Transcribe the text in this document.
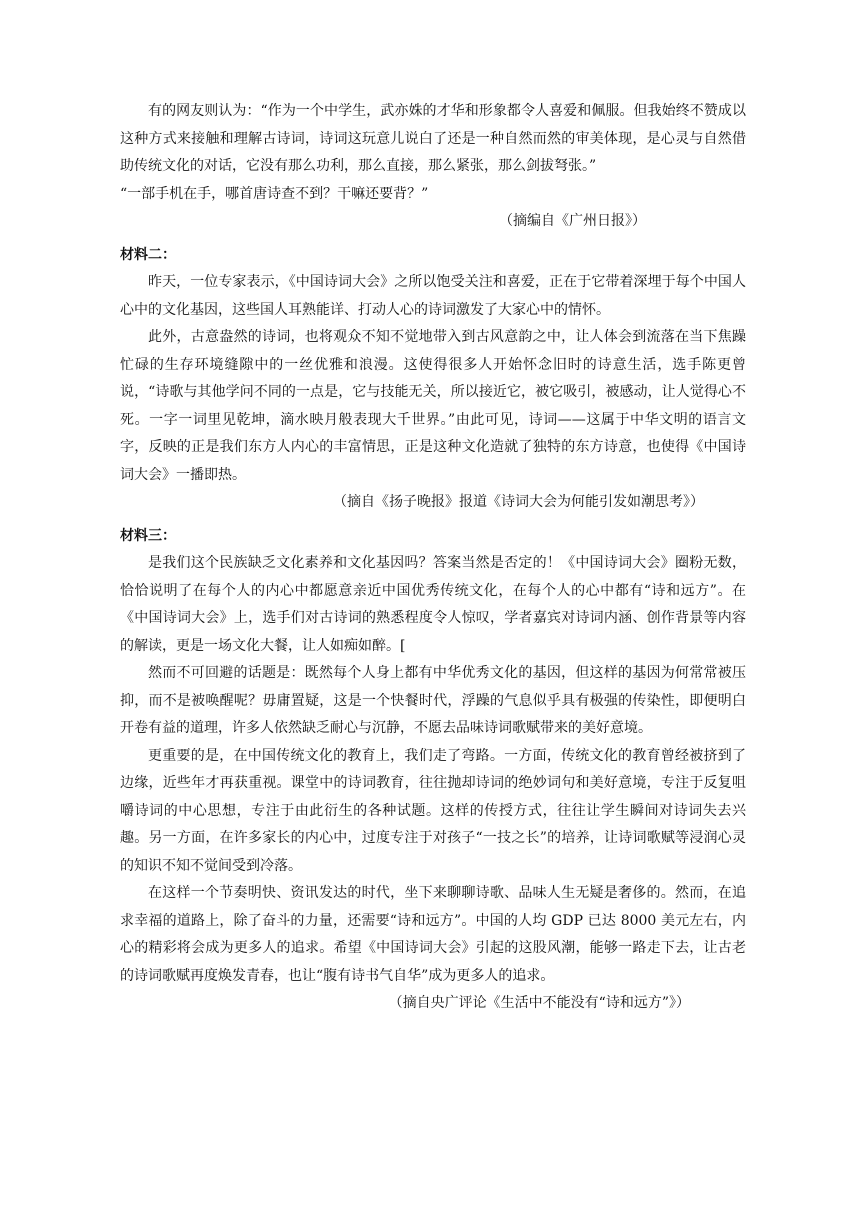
有的网友则认为：“作为一个中学生，武亦姝的才华和形象都令人喜爱和佩服。但我始终不赞成以这种方式来接触和理解古诗词，诗词这玩意儿说白了还是一种自然而然的审美体现，是心灵与自然借助传统文化的对话，它没有那么功利，那么直接，那么紧张，那么剑拔弩张。”

“一部手机在手，哪首唐诗查不到？干嘛还要背？”

（摘编自《广州日报》）

材料二：

昨天，一位专家表示，《中国诗词大会》之所以饱受关注和喜爱，正在于它带着深埋于每个中国人心中的文化基因，这些国人耳熟能详、打动人心的诗词激发了大家心中的情怀。

此外，古意盎然的诗词，也将观众不知不觉地带入到古风意韵之中，让人体会到流落在当下焦躁忙碌的生存环境缝隙中的一丝优雅和浪漫。这使得很多人开始怀念旧时的诗意生活，选手陈更曾说，“诗歌与其他学问不同的一点是，它与技能无关，所以接近它，被它吸引，被感动，让人觉得心不死。一字一词里见乾坤，滴水映月般表现大千世界。”由此可见，诗词——这属于中华文明的语言文字，反映的正是我们东方人内心的丰富情思，正是这种文化造就了独特的东方诗意，也使得《中国诗词大会》一播即热。

（摘自《扬子晚报》报道《诗词大会为何能引发如潮思考》）

材料三：

是我们这个民族缺乏文化素养和文化基因吗？答案当然是否定的！《中国诗词大会》圈粉无数，恰恰说明了在每个人的内心中都愿意亲近中国优秀传统文化，在每个人的心中都有“诗和远方”。在《中国诗词大会》上，选手们对古诗词的熟悉程度令人惊叹，学者嘉宾对诗词内涵、创作背景等内容的解读，更是一场文化大餐，让人如痴如醉。[

然而不可回避的话题是：既然每个人身上都有中华优秀文化的基因，但这样的基因为何常常被压抑，而不是被唤醒呢？毋庸置疑，这是一个快餐时代，浮躁的气息似乎具有极强的传染性，即便明白开卷有益的道理，许多人依然缺乏耐心与沉静，不愿去品味诗词歌赋带来的美好意境。

更重要的是，在中国传统文化的教育上，我们走了弯路。一方面，传统文化的教育曾经被挤到了边缘，近些年才再获重视。课堂中的诗词教育，往往抛却诗词的绝妙词句和美好意境，专注于反复咀嚼诗词的中心思想，专注于由此衍生的各种试题。这样的传授方式，往往让学生瞬间对诗词失去兴趣。另一方面，在许多家长的内心中，过度专注于对孩子“一技之长”的培养，让诗词歌赋等浸润心灵的知识不知不觉间受到冷落。

在这样一个节奏明快、资讯发达的时代，坐下来聊聊诗歌、品味人生无疑是奢侈的。然而，在追求幸福的道路上，除了奋斗的力量，还需要“诗和远方”。中国的人均 GDP 已达 8000 美元左右，内心的精彩将会成为更多人的追求。希望《中国诗词大会》引起的这股风潮，能够一路走下去，让古老的诗词歌赋再度焕发青春，也让“腹有诗书气自华”成为更多人的追求。

（摘自央广评论《生活中不能没有“诗和远方”》）
